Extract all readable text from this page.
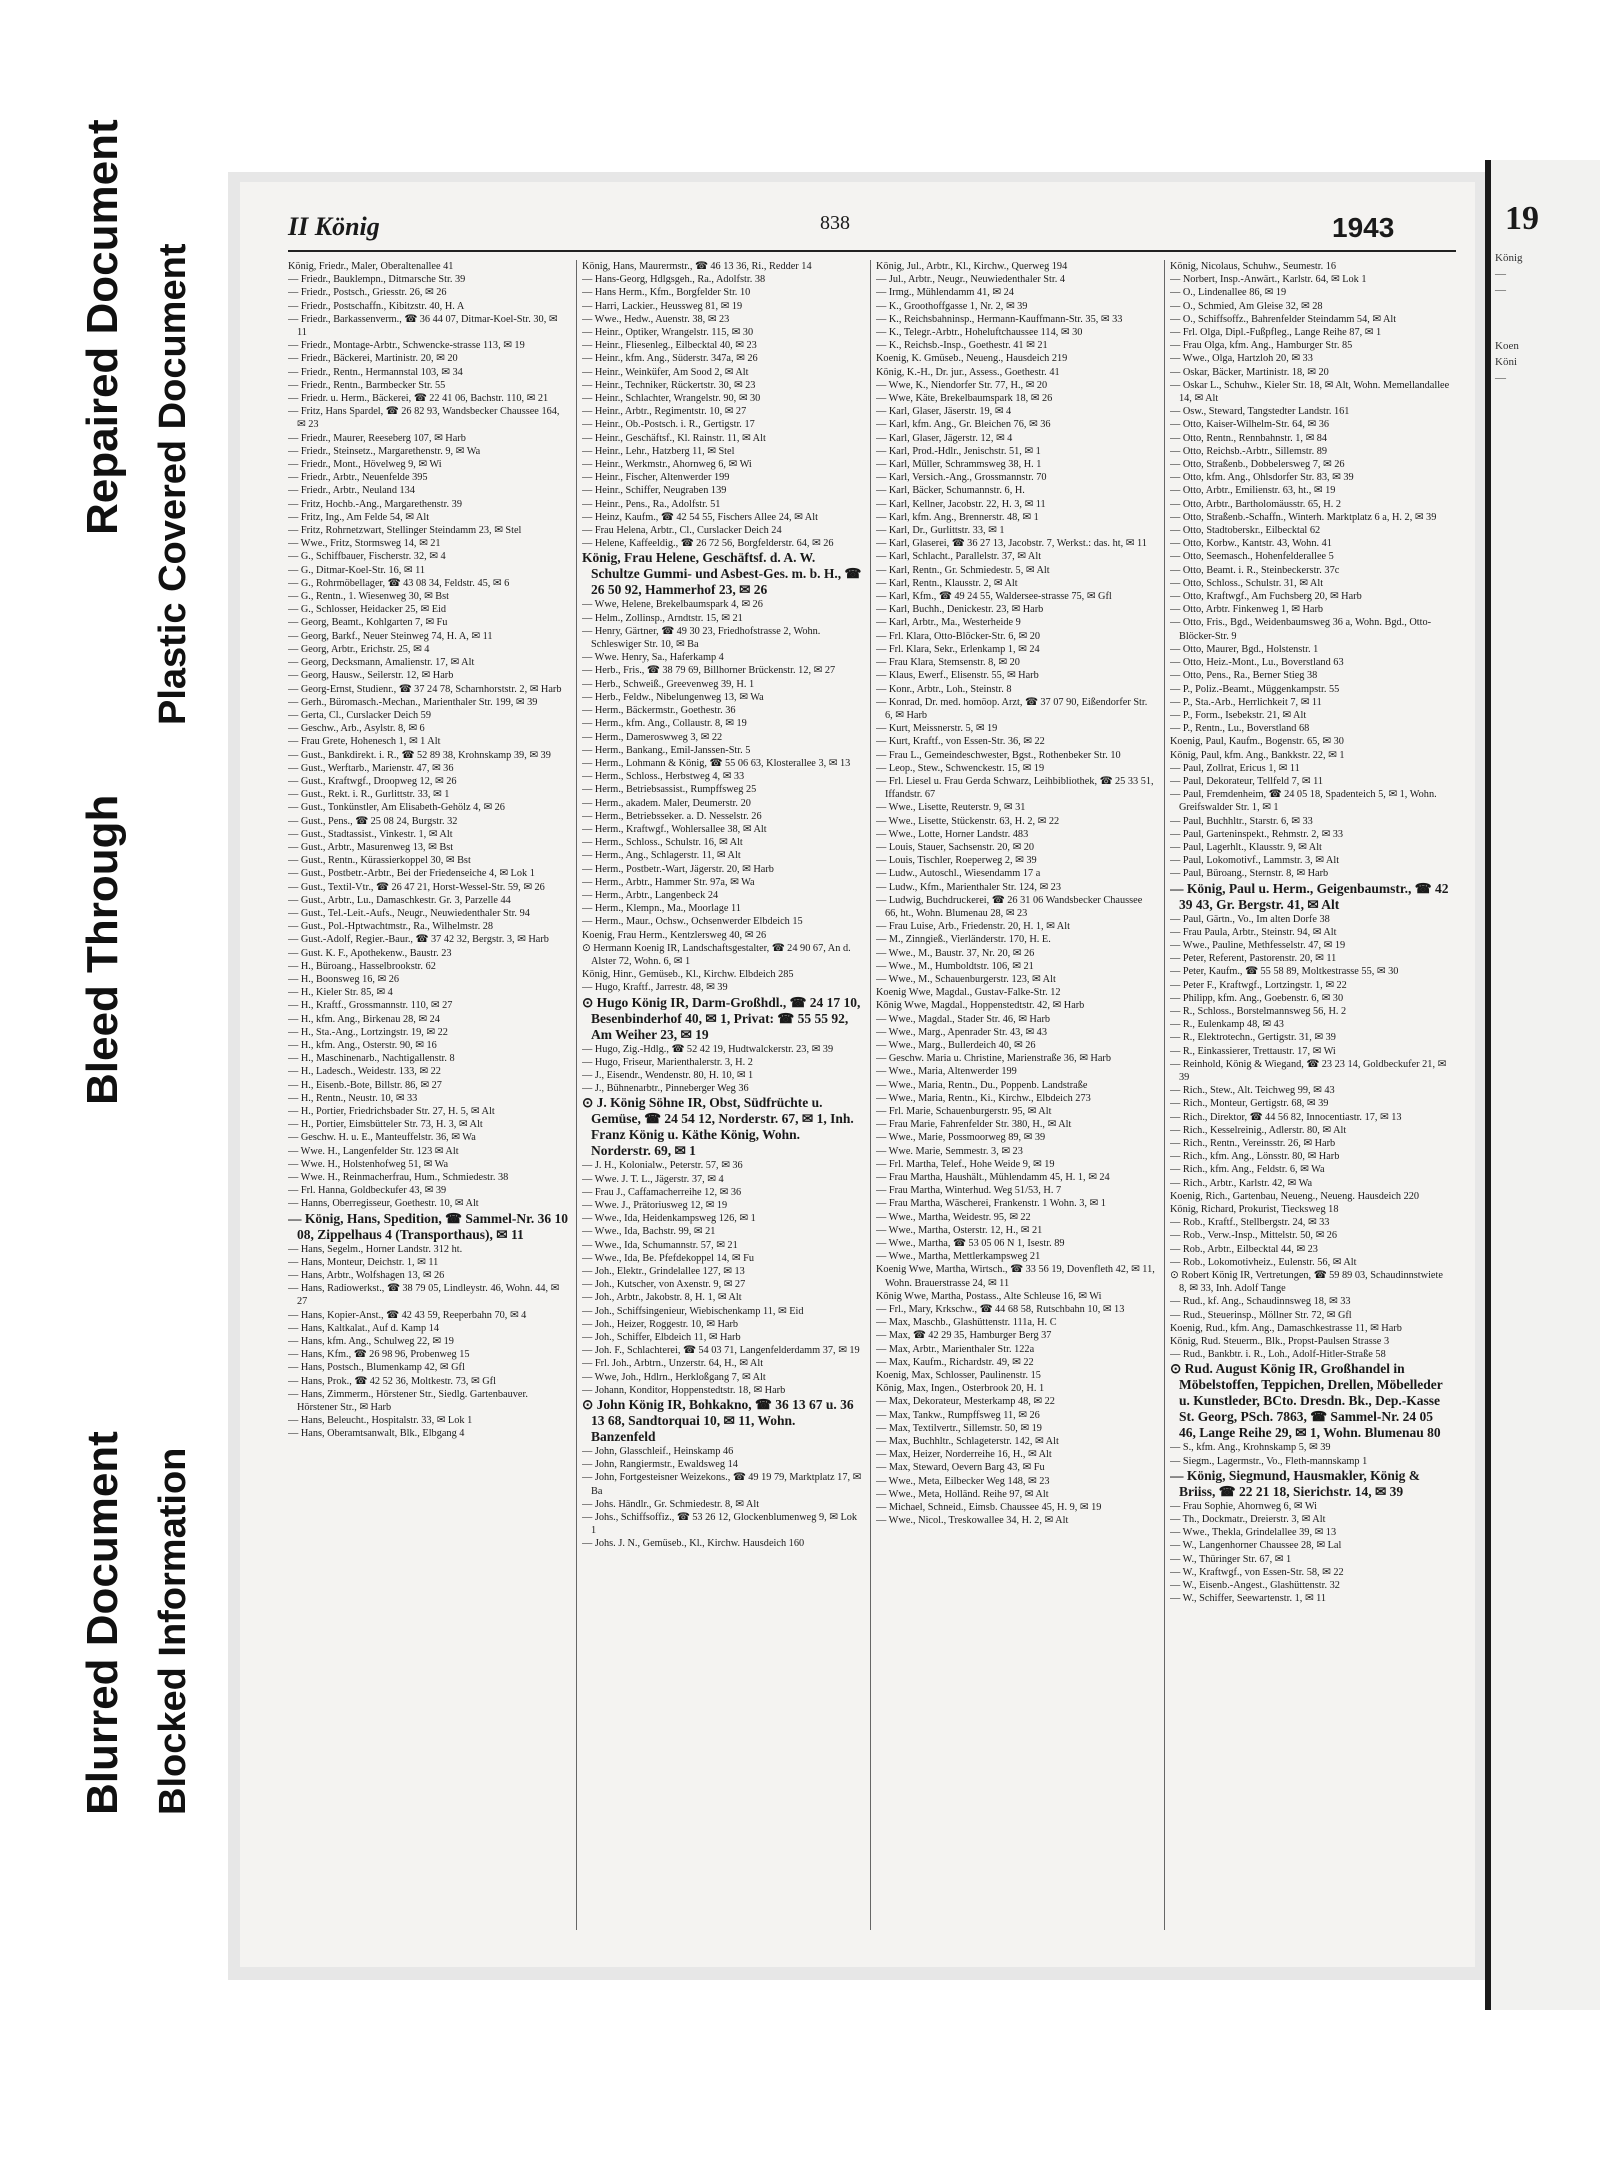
Blurred Document
Bleed Through
Repaired Document
Blocked Information
Plastic Covered Document
II König	838	1943

König, Friedr., Maler, Oberaltenallee 41

— Friedr., Bauklempn., Ditmarsche Str. 39

— Friedr., Postsch., Griesstr. 26, ✉ 26

— Friedr., Postschaffn., Kibitzstr. 40, H. A

— Friedr., Barkassenverm., ☎ 36 44 07, Ditmar-Koel-Str. 30, ✉ 11

— Friedr., Montage-Arbtr., Schwencke-strasse 113, ✉ 19

— Friedr., Bäckerei, Martinistr. 20, ✉ 20

— Friedr., Rentn., Hermannstal 103, ✉ 34

— Friedr., Rentn., Barmbecker Str. 55

— Friedr. u. Herm., Bäckerei, ☎ 22 41 06, Bachstr. 110, ✉ 21

— Fritz, Hans Spardel, ☎ 26 82 93, Wandsbecker Chaussee 164, ✉ 23

— Friedr., Maurer, Reeseberg 107, ✉ Harb

— Friedr., Steinsetz., Margarethenstr. 9, ✉ Wa

— Friedr., Mont., Hövelweg 9, ✉ Wi

— Friedr., Arbtr., Neuenfelde 395

— Friedr., Arbtr., Neuland 134

— Fritz, Hochb.-Ang., Margarethenstr. 39

— Fritz, Ing., Am Felde 54, ✉ Alt

— Fritz, Rohrnetzwart, Stellinger Steindamm 23, ✉ Stel

— Wwe., Fritz, Stormsweg 14, ✉ 21

— G., Schiffbauer, Fischerstr. 32, ✉ 4

— G., Ditmar-Koel-Str. 16, ✉ 11

— G., Rohrmöbellager, ☎ 43 08 34, Feldstr. 45, ✉ 6

— G., Rentn., 1. Wiesenweg 30, ✉ Bst

— G., Schlosser, Heidacker 25, ✉ Eid

— Georg, Beamt., Kohlgarten 7, ✉ Fu

— Georg, Barkf., Neuer Steinweg 74, H. A, ✉ 11

— Georg, Arbtr., Erichstr. 25, ✉ 4

— Georg, Decksmann, Amalienstr. 17, ✉ Alt

— Georg, Hausw., Seilerstr. 12, ✉ Harb

— Georg-Ernst, Studienr., ☎ 37 24 78, Scharnhorststr. 2, ✉ Harb

— Gerh., Büromasch.-Mechan., Marienthaler Str. 199, ✉ 39

— Gerta, Cl., Curslacker Deich 59

— Geschw., Arb., Asylstr. 8, ✉ 6

— Frau Grete, Hohenesch 1, ✉ 1 Alt

— Gust., Bankdirekt. i. R., ☎ 52 89 38, Krohnskamp 39, ✉ 39

— Gust., Werftarb., Marienstr. 47, ✉ 36

— Gust., Kraftwgf., Droopweg 12, ✉ 26

— Gust., Rekt. i. R., Gurlittstr. 33, ✉ 1

— Gust., Tonkünstler, Am Elisabeth-Gehölz 4, ✉ 26

— Gust., Pens., ☎ 25 08 24, Burgstr. 32

— Gust., Stadtassist., Vinkestr. 1, ✉ Alt

— Gust., Arbtr., Masurenweg 13, ✉ Bst

— Gust., Rentn., Kürassierkoppel 30, ✉ Bst

— Gust., Postbetr.-Arbtr., Bei der Friedenseiche 4, ✉ Lok 1

— Gust., Textil-Vtr., ☎ 26 47 21, Horst-Wessel-Str. 59, ✉ 26

— Gust., Arbtr., Lu., Damaschkestr. Gr. 3, Parzelle 44

— Gust., Tel.-Leit.-Aufs., Neugr., Neuwiedenthaler Str. 94

— Gust., Pol.-Hptwachtmstr., Ra., Wilhelmstr. 28

— Gust.-Adolf, Regier.-Baur., ☎ 37 42 32, Bergstr. 3, ✉ Harb

— Gust. K. F., Apothekenw., Baustr. 23

— H., Büroang., Hasselbrookstr. 62

— H., Boonsweg 16, ✉ 26

— H., Kieler Str. 85, ✉ 4

— H., Kraftf., Grossmannstr. 110, ✉ 27

— H., kfm. Ang., Birkenau 28, ✉ 24

— H., Sta.-Ang., Lortzingstr. 19, ✉ 22

— H., kfm. Ang., Osterstr. 90, ✉ 16

— H., Maschinenarb., Nachtigallenstr. 8

— H., Ladesch., Weidestr. 133, ✉ 22

— H., Eisenb.-Bote, Billstr. 86, ✉ 27

— H., Rentn., Neustr. 10, ✉ 33

— H., Portier, Friedrichsbader Str. 27, H. 5, ✉ Alt

— H., Portier, Eimsbütteler Str. 73, H. 3, ✉ Alt

— Geschw. H. u. E., Manteuffelstr. 36, ✉ Wa

— Wwe. H., Langenfelder Str. 123 ✉ Alt

— Wwe. H., Holstenhofweg 51, ✉ Wa

— Wwe. H., Reinmacherfrau, Hum., Schmiedestr. 38

— Frl. Hanna, Goldbeckufer 43, ✉ 39

— Hanns, Oberregisseur, Goethestr. 10, ✉ Alt

— König, Hans, Spedition, ☎ Sammel-Nr. 36 10 08, Zippelhaus 4 (Transporthaus), ✉ 11

— Hans, Segelm., Horner Landstr. 312 ht.

— Hans, Monteur, Deichstr. 1, ✉ 11

— Hans, Arbtr., Wolfshagen 13, ✉ 26

— Hans, Radiowerkst., ☎ 38 79 05, Lindleystr. 46, Wohn. 44, ✉ 27

— Hans, Kopier-Anst., ☎ 42 43 59, Reeperbahn 70, ✉ 4

— Hans, Kaltkalat., Auf d. Kamp 14

— Hans, kfm. Ang., Schulweg 22, ✉ 19

— Hans, Kfm., ☎ 26 98 96, Probenweg 15

— Hans, Postsch., Blumenkamp 42, ✉ Gfl

— Hans, Prok., ☎ 42 52 36, Moltkestr. 73, ✉ Gfl

— Hans, Zimmerm., Hörstener Str., Siedlg. Gartenbauver. Hörstener Str., ✉ Harb

— Hans, Beleucht., Hospitalstr. 33, ✉ Lok 1

— Hans, Oberamtsanwalt, Blk., Elbgang 4

König, Hans, Maurermstr., ☎ 46 13 36, Ri., Redder 14

— Hans-Georg, Hdlgsgeh., Ra., Adolfstr. 38

— Hans Herm., Kfm., Borgfelder Str. 10

— Harri, Lackier., Heussweg 81, ✉ 19

— Wwe., Hedw., Auenstr. 38, ✉ 23

— Heinr., Optiker, Wrangelstr. 115, ✉ 30

— Heinr., Fliesenleg., Eilbecktal 40, ✉ 23

— Heinr., kfm. Ang., Süderstr. 347a, ✉ 26

— Heinr., Weinküfer, Am Sood 2, ✉ Alt

— Heinr., Techniker, Rückertstr. 30, ✉ 23

— Heinr., Schlachter, Wrangelstr. 90, ✉ 30

— Heinr., Arbtr., Regimentstr. 10, ✉ 27

— Heinr., Ob.-Postsch. i. R., Gertigstr. 17

— Heinr., Geschäftsf., Kl. Rainstr. 11, ✉ Alt

— Heinr., Lehr., Hatzberg 11, ✉ Stel

— Heinr., Werkmstr., Ahornweg 6, ✉ Wi

— Heinr., Fischer, Altenwerder 199

— Heinr., Schiffer, Neugraben 139

— Heinr., Pens., Ra., Adolfstr. 51

— Heinz, Kaufm., ☎ 42 54 55, Fischers Allee 24, ✉ Alt

— Frau Helena, Arbtr., Cl., Curslacker Deich 24

— Helene, Kaffeeldig., ☎ 26 72 56, Borgfelderstr. 64, ✉ 26

König, Frau Helene, Geschäftsf. d. A. W. Schultze Gummi- und Asbest-Ges. m. b. H., ☎ 26 50 92, Hammerhof 23, ✉ 26

— Wwe, Helene, Brekelbaumspark 4, ✉ 26

— Helm., Zollinsp., Arndtstr. 15, ✉ 21

— Henry, Gärtner, ☎ 49 30 23, Friedhofstrasse 2, Wohn. Schleswiger Str. 10, ✉ Ba

— Wwe. Henry, Sa., Haferkamp 4

— Herb., Fris., ☎ 38 79 69, Billhorner Brückenstr. 12, ✉ 27

— Herb., Schweiß., Greevenweg 39, H. 1

— Herb., Feldw., Nibelungenweg 13, ✉ Wa

— Herm., Bäckermstr., Goethestr. 36

— Herm., kfm. Ang., Collaustr. 8, ✉ 19

— Herm., Dameroswweg 3, ✉ 22

— Herm., Bankang., Emil-Janssen-Str. 5

— Herm., Lohmann & König, ☎ 55 06 63, Klosterallee 3, ✉ 13

— Herm., Schloss., Herbstweg 4, ✉ 33

— Herm., Betriebsassist., Rumpffsweg 25

— Herm., akadem. Maler, Deumerstr. 20

— Herm., Betriebsseker. a. D. Nesselstr. 26

— Herm., Kraftwgf., Wohlersallee 38, ✉ Alt

— Herm., Schloss., Schulstr. 16, ✉ Alt

— Herm., Ang., Schlagerstr. 11, ✉ Alt

— Herm., Postbetr.-Wart, Jägerstr. 20, ✉ Harb

— Herm., Arbtr., Hammer Str. 97a, ✉ Wa

— Herm., Arbtr., Langenbeck 24

— Herm., Klempn., Ma., Moorlage 11

— Herm., Maur., Ochsw., Ochsenwerder Elbdeich 15

Koenig, Frau Herm., Kentzlersweg 40, ✉ 26

⊙ Hermann Koenig IR, Landschaftsgestalter, ☎ 24 90 67, An d. Alster 72, Wohn. 6, ✉ 1

König, Hinr., Gemüseb., Kl., Kirchw. Elbdeich 285

— Hugo, Kraftf., Jarrestr. 48, ✉ 39

⊙ Hugo König IR, Darm-Großhdl., ☎ 24 17 10, Besenbinderhof 40, ✉ 1, Privat: ☎ 55 55 92, Am Weiher 23, ✉ 19

— Hugo, Zig.-Hdlg., ☎ 52 42 19, Hudtwalckerstr. 23, ✉ 39

— Hugo, Friseur, Marienthalerstr. 3, H. 2

— J., Eisendr., Wendenstr. 80, H. 10, ✉ 1

— J., Bühnenarbtr., Pinneberger Weg 36

⊙ J. König Söhne IR, Obst, Südfrüchte u. Gemüse, ☎ 24 54 12, Norderstr. 67, ✉ 1, Inh. Franz König u. Käthe König, Wohn. Norderstr. 69, ✉ 1

— J. H., Kolonialw., Peterstr. 57, ✉ 36

— Wwe. J. T. L., Jägerstr. 37, ✉ 4

— Frau J., Caffamacherreihe 12, ✉ 36

— Wwe. J., Prätoriusweg 12, ✉ 19

— Wwe., Ida, Heidenkampsweg 126, ✉ 1

— Wwe., Ida, Bachstr. 99, ✉ 21

— Wwe., Ida, Schumannstr. 57, ✉ 21

— Wwe., Ida, Be. Pfefdekoppel 14, ✉ Fu

— Joh., Elektr., Grindelallee 127, ✉ 13

— Joh., Kutscher, von Axenstr. 9, ✉ 27

— Joh., Arbtr., Jakobstr. 8, H. 1, ✉ Alt

— Joh., Schiffsingenieur, Wiebischenkamp 11, ✉ Eid

— Joh., Heizer, Roggestr. 10, ✉ Harb

— Joh., Schiffer, Elbdeich 11, ✉ Harb

— Joh. F., Schlachterei, ☎ 54 03 71, Langenfelderdamm 37, ✉ 19

— Frl. Joh., Arbtrn., Unzerstr. 64, H., ✉ Alt

— Wwe, Joh., Hdlrn., Herkloßgang 7, ✉ Alt

— Johann, Konditor, Hoppenstedtstr. 18, ✉ Harb

⊙ John König IR, Bohkakno, ☎ 36 13 67 u. 36 13 68, Sandtorquai 10, ✉ 11, Wohn. Banzenfeld

— John, Glasschleif., Heinskamp 46

— John, Rangiermstr., Ewaldsweg 14

— John, Fortgesteisner Weizekons., ☎ 49 19 79, Marktplatz 17, ✉ Ba

— Johs. Händlr., Gr. Schmiedestr. 8, ✉ Alt

— Johs., Schiffsoffiz., ☎ 53 26 12, Glockenblumenweg 9, ✉ Lok 1

— Johs. J. N., Gemüseb., Kl., Kirchw. Hausdeich 160

König, Jul., Arbtr., Kl., Kirchw., Querweg 194

— Jul., Arbtr., Neugr., Neuwiedenthaler Str. 4

— Irmg., Mühlendamm 41, ✉ 24

— K., Groothoffgasse 1, Nr. 2, ✉ 39

— K., Reichsbahninsp., Hermann-Kauffmann-Str. 35, ✉ 33

— K., Telegr.-Arbtr., Hoheluftchaussee 114, ✉ 30

— K., Reichsb.-Insp., Goethestr. 41 ✉ 21

Koenig, K. Gmüseb., Neueng., Hausdeich 219

König, K.-H., Dr. jur., Assess., Goethestr. 41

— Wwe, K., Niendorfer Str. 77, H., ✉ 20

— Wwe, Käte, Brekelbaumspark 18, ✉ 26

— Karl, Glaser, Jäserstr. 19, ✉ 4

— Karl, kfm. Ang., Gr. Bleichen 76, ✉ 36

— Karl, Glaser, Jägerstr. 12, ✉ 4

— Karl, Prod.-Hdlr., Jenischstr. 51, ✉ 1

— Karl, Müller, Schrammsweg 38, H. 1

— Karl, Versich.-Ang., Grossmannstr. 70

— Karl, Bäcker, Schumannstr. 6, H.

— Karl, Kellner, Jacobstr. 22, H. 3, ✉ 11

— Karl, kfm. Ang., Brennerstr. 48, ✉ 1

— Karl, Dr., Gurlittstr. 33, ✉ 1

— Karl, Glaserei, ☎ 36 27 13, Jacobstr. 7, Werkst.: das. ht, ✉ 11

— Karl, Schlacht., Parallelstr. 37, ✉ Alt

— Karl, Rentn., Gr. Schmiedestr. 5, ✉ Alt

— Karl, Rentn., Klausstr. 2, ✉ Alt

— Karl, Kfm., ☎ 49 24 55, Waldersee-strasse 75, ✉ Gfl

— Karl, Buchh., Denickestr. 23, ✉ Harb

— Karl, Arbtr., Ma., Westerheide 9

— Frl. Klara, Otto-Blöcker-Str. 6, ✉ 20

— Frl. Klara, Sekr., Erlenkamp 1, ✉ 24

— Frau Klara, Stemsenstr. 8, ✉ 20

— Klaus, Ewerf., Elisenstr. 55, ✉ Harb

— Konr., Arbtr., Loh., Steinstr. 8

— Konrad, Dr. med. homöop. Arzt, ☎ 37 07 90, Eißendorfer Str. 6, ✉ Harb

— Kurt, Meissnerstr. 5, ✉ 19

— Kurt, Kraftf., von Essen-Str. 36, ✉ 22

— Frau L., Gemeindeschwester, Bgst., Rothenbeker Str. 10

— Leop., Stew., Schwenckestr. 15, ✉ 19

— Frl. Liesel u. Frau Gerda Schwarz, Leihbibliothek, ☎ 25 33 51, Iffandstr. 67

— Wwe., Lisette, Reuterstr. 9, ✉ 31

— Wwe., Lisette, Stückenstr. 63, H. 2, ✉ 22

— Wwe., Lotte, Horner Landstr. 483

— Louis, Stauer, Sachsenstr. 20, ✉ 20

— Louis, Tischler, Roeperweg 2, ✉ 39

— Ludw., Autoschl., Wiesendamm 17 a

— Ludw., Kfm., Marienthaler Str. 124, ✉ 23

— Ludwig, Buchdruckerei, ☎ 26 31 06 Wandsbecker Chaussee 66, ht., Wohn. Blumenau 28, ✉ 23

— Frau Luise, Arb., Friedenstr. 20, H. 1, ✉ Alt

— M., Zinngieß., Vierländerstr. 170, H. E.

— Wwe., M., Baustr. 37, Nr. 20, ✉ 26

— Wwe., M., Humboldtstr. 106, ✉ 21

— Wwe., M., Schauenburgerstr. 123, ✉ Alt

Koenig Wwe, Magdal., Gustav-Falke-Str. 12

König Wwe, Magdal., Hoppenstedtstr. 42, ✉ Harb

— Wwe., Magdal., Stader Str. 46, ✉ Harb

— Wwe., Marg., Apenrader Str. 43, ✉ 43

— Wwe., Marg., Bullerdeich 40, ✉ 26

— Geschw. Maria u. Christine, Marienstraße 36, ✉ Harb

— Wwe., Maria, Altenwerder 199

— Wwe., Maria, Rentn., Du., Poppenb. Landstraße

— Wwe., Maria, Rentn., Ki., Kirchw., Elbdeich 273

— Frl. Marie, Schauenburgerstr. 95, ✉ Alt

— Frau Marie, Fahrenfelder Str. 380, H., ✉ Alt

— Wwe., Marie, Possmoorweg 89, ✉ 39

— Wwe. Marie, Semmestr. 3, ✉ 23

— Frl. Martha, Telef., Hohe Weide 9, ✉ 19

— Frau Martha, Haushält., Mühlendamm 45, H. 1, ✉ 24

— Frau Martha, Winterhud. Weg 51/53, H. 7

— Frau Martha, Wäscherei, Frankenstr. 1 Wohn. 3, ✉ 1

— Wwe., Martha, Weidestr. 95, ✉ 22

— Wwe., Martha, Osterstr. 12, H., ✉ 21

— Wwe., Martha, ☎ 53 05 06 N 1, Isestr. 89

— Wwe., Martha, Mettlerkampsweg 21

Koenig Wwe, Martha, Wirtsch., ☎ 33 56 19, Dovenfleth 42, ✉ 11, Wohn. Brauerstrasse 24, ✉ 11

König Wwe, Martha, Postass., Alte Schleuse 16, ✉ Wi

— Frl., Mary, Krkschw., ☎ 44 68 58, Rutschbahn 10, ✉ 13

— Max, Maschb., Glashüttenstr. 111a, H. C

— Max, ☎ 42 29 35, Hamburger Berg 37

— Max, Arbtr., Marienthaler Str. 122a

— Max, Kaufm., Richardstr. 49, ✉ 22

Koenig, Max, Schlosser, Paulinenstr. 15

König, Max, Ingen., Osterbrook 20, H. 1

— Max, Dekorateur, Mesterkamp 48, ✉ 22

— Max, Tankw., Rumpffsweg 11, ✉ 26

— Max, Textilvertr., Sillemstr. 50, ✉ 19

— Max, Buchhltr., Schlageterstr. 142, ✉ Alt

— Max, Heizer, Norderreihe 16, H., ✉ Alt

— Max, Steward, Oevern Barg 43, ✉ Fu

— Wwe., Meta, Eilbecker Weg 148, ✉ 23

— Wwe., Meta, Holländ. Reihe 97, ✉ Alt

— Michael, Schneid., Eimsb. Chaussee 45, H. 9, ✉ 19

— Wwe., Nicol., Treskowallee 34, H. 2, ✉ Alt

König, Nicolaus, Schuhw., Seumestr. 16

— Norbert, Insp.-Anwärt., Karlstr. 64, ✉ Lok 1

— O., Lindenallee 86, ✉ 19

— O., Schmied, Am Gleise 32, ✉ 28

— O., Schiffsoffz., Bahrenfelder Steindamm 54, ✉ Alt

— Frl. Olga, Dipl.-Fußpfleg., Lange Reihe 87, ✉ 1

— Frau Olga, kfm. Ang., Hamburger Str. 85

— Wwe., Olga, Hartzloh 20, ✉ 33

— Oskar, Bäcker, Martinistr. 18, ✉ 20

— Oskar L., Schuhw., Kieler Str. 18, ✉ Alt, Wohn. Memellandallee 14, ✉ Alt

— Osw., Steward, Tangstedter Landstr. 161

— Otto, Kaiser-Wilhelm-Str. 64, ✉ 36

— Otto, Rentn., Rennbahnstr. 1, ✉ 84

— Otto, Reichsb.-Arbtr., Sillemstr. 89

— Otto, Straßenb., Dobbelersweg 7, ✉ 26

— Otto, kfm. Ang., Ohlsdorfer Str. 83, ✉ 39

— Otto, Arbtr., Emilienstr. 63, ht., ✉ 19

— Otto, Arbtr., Bartholomäusstr. 65, H. 2

— Otto, Straßenb.-Schaffn., Winterh. Marktplatz 6 a, H. 2, ✉ 39

— Otto, Stadtoberskr., Eilbecktal 62

— Otto, Korbw., Kantstr. 43, Wohn. 41

— Otto, Seemasch., Hohenfelderallee 5

— Otto, Beamt. i. R., Steinbeckerstr. 37c

— Otto, Schloss., Schulstr. 31, ✉ Alt

— Otto, Kraftwgf., Am Fuchsberg 20, ✉ Harb

— Otto, Arbtr. Finkenweg 1, ✉ Harb

— Otto, Fris., Bgd., Weidenbaumsweg 36 a, Wohn. Bgd., Otto-Blöcker-Str. 9

— Otto, Maurer, Bgd., Holstenstr. 1

— Otto, Heiz.-Mont., Lu., Boverstland 63

— Otto, Pens., Ra., Berner Stieg 38

— P., Poliz.-Beamt., Müggenkampstr. 55

— P., Sta.-Arb., Herrlichkeit 7, ✉ 11

— P., Form., Isebekstr. 21, ✉ Alt

— P., Rentn., Lu., Boverstland 68

Koenig, Paul, Kaufm., Bogenstr. 65, ✉ 30

König, Paul, kfm. Ang., Bankkstr. 22, ✉ 1

— Paul, Zollrat, Ericus 1, ✉ 11

— Paul, Dekorateur, Tellfeld 7, ✉ 11

— Paul, Fremdenheim, ☎ 24 05 18, Spadenteich 5, ✉ 1, Wohn. Greifswalder Str. 1, ✉ 1

— Paul, Buchhltr., Starstr. 6, ✉ 33

— Paul, Garteninspekt., Rehmstr. 2, ✉ 33

— Paul, Lagerhlt., Klausstr. 9, ✉ Alt

— Paul, Lokomotivf., Lammstr. 3, ✉ Alt

— Paul, Büroang., Sternstr. 8, ✉ Harb

— König, Paul u. Herm., Geigenbaumstr., ☎ 42 39 43, Gr. Bergstr. 41, ✉ Alt

— Paul, Gärtn., Vo., Im alten Dorfe 38

— Frau Paula, Arbtr., Steinstr. 94, ✉ Alt

— Wwe., Pauline, Methfesselstr. 47, ✉ 19

— Peter, Referent, Pastorenstr. 20, ✉ 11

— Peter, Kaufm., ☎ 55 58 89, Moltkestrasse 55, ✉ 30

— Peter F., Kraftwgf., Lortzingstr. 1, ✉ 22

— Philipp, kfm. Ang., Goebenstr. 6, ✉ 30

— R., Schloss., Borstelmannsweg 56, H. 2

— R., Eulenkamp 48, ✉ 43

— R., Elektrotechn., Gertigstr. 31, ✉ 39

— R., Einkassierer, Trettaustr. 17, ✉ Wi

— Reinhold, König & Wiegand, ☎ 23 23 14, Goldbeckufer 21, ✉ 39

— Rich., Stew., Alt. Teichweg 99, ✉ 43

— Rich., Monteur, Gertigstr. 68, ✉ 39

— Rich., Direktor, ☎ 44 56 82, Innocentiastr. 17, ✉ 13

— Rich., Kesselreinig., Adlerstr. 80, ✉ Alt

— Rich., Rentn., Vereinsstr. 26, ✉ Harb

— Rich., kfm. Ang., Lönsstr. 80, ✉ Harb

— Rich., kfm. Ang., Feldstr. 6, ✉ Wa

— Rich., Arbtr., Karlstr. 42, ✉ Wa

Koenig, Rich., Gartenbau, Neueng., Neueng. Hausdeich 220

König, Richard, Prokurist, Tiecksweg 18

— Rob., Kraftf., Stellbergstr. 24, ✉ 33

— Rob., Verw.-Insp., Mittelstr. 50, ✉ 26

— Rob., Arbtr., Eilbecktal 44, ✉ 23

— Rob., Lokomotivheiz., Eulenstr. 56, ✉ Alt

⊙ Robert König IR, Vertretungen, ☎ 59 89 03, Schaudinnstwiete 8, ✉ 33, Inh. Adolf Tange

— Rud., kf. Ang., Schaudinnsweg 18, ✉ 33

— Rud., Steuerinsp., Möllner Str. 72, ✉ Gfl

Koenig, Rud., kfm. Ang., Damaschkestrasse 11, ✉ Harb

König, Rud. Steuerm., Blk., Propst-Paulsen Strasse 3

— Rud., Bankbtr. i. R., Loh., Adolf-Hitler-Straße 58

⊙ Rud. August König IR, Großhandel in Möbelstoffen, Teppichen, Drellen, Möbelleder u. Kunstleder, BCto. Dresdn. Bk., Dep.-Kasse St. Georg, PSch. 7863, ☎ Sammel-Nr. 24 05 46, Lange Reihe 29, ✉ 1, Wohn. Blumenau 80

— S., kfm. Ang., Krohnskamp 5, ✉ 39

— Siegm., Lagermstr., Vo., Fleth-mannskamp 1

— König, Siegmund, Hausmakler, König & Briiss, ☎ 22 21 18, Sierichstr. 14, ✉ 39

— Frau Sophie, Ahornweg 6, ✉ Wi

— Th., Dockmatr., Dreierstr. 3, ✉ Alt

— Wwe., Thekla, Grindelallee 39, ✉ 13

— W., Langenhorner Chaussee 28, ✉ Lal

— W., Thüringer Str. 67, ✉ 1

— W., Kraftwgf., von Essen-Str. 58, ✉ 22

— W., Eisenb.-Angest., Glashüttenstr. 32

— W., Schiffer, Seewartenstr. 1, ✉ 11

19
König
—
—
Koen
Köni
—
